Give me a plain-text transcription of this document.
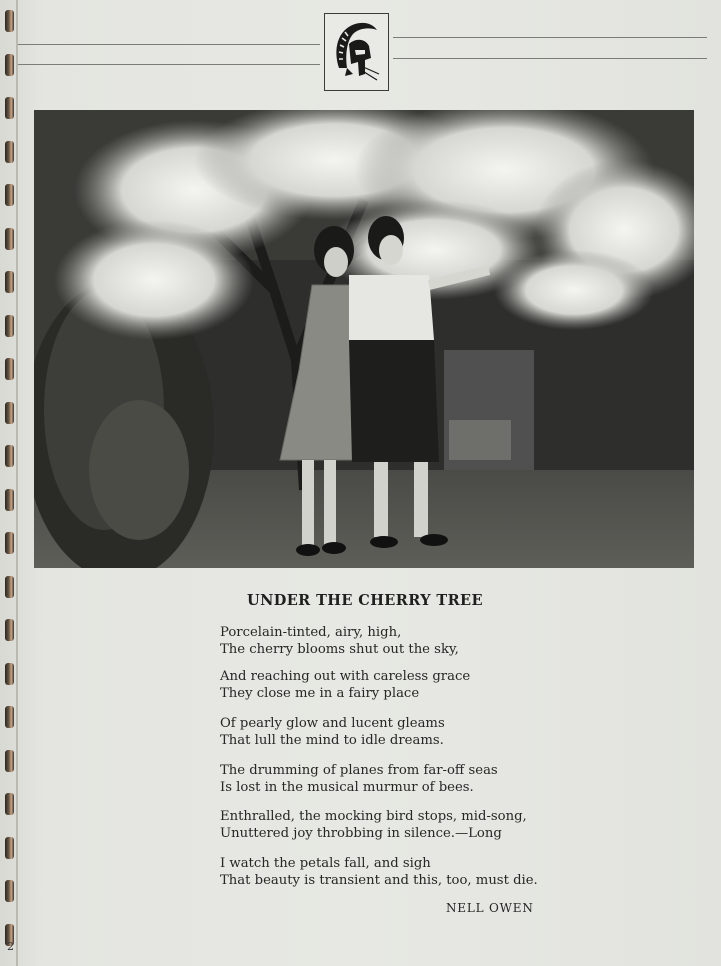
UNDER THE CHERRY TREE
Porcelain-tinted, airy, high,
The cherry blooms shut out the sky,
And reaching out with careless grace
They close me in a fairy place
Of pearly glow and lucent gleams
That lull the mind to idle dreams.
The drumming of planes from far-off seas
Is lost in the musical murmur of bees.
Enthralled, the mocking bird stops, mid-song,
Unuttered joy throbbing in silence.—Long
I watch the petals fall, and sigh
That beauty is transient and this, too, must die.
NELL OWEN
2
